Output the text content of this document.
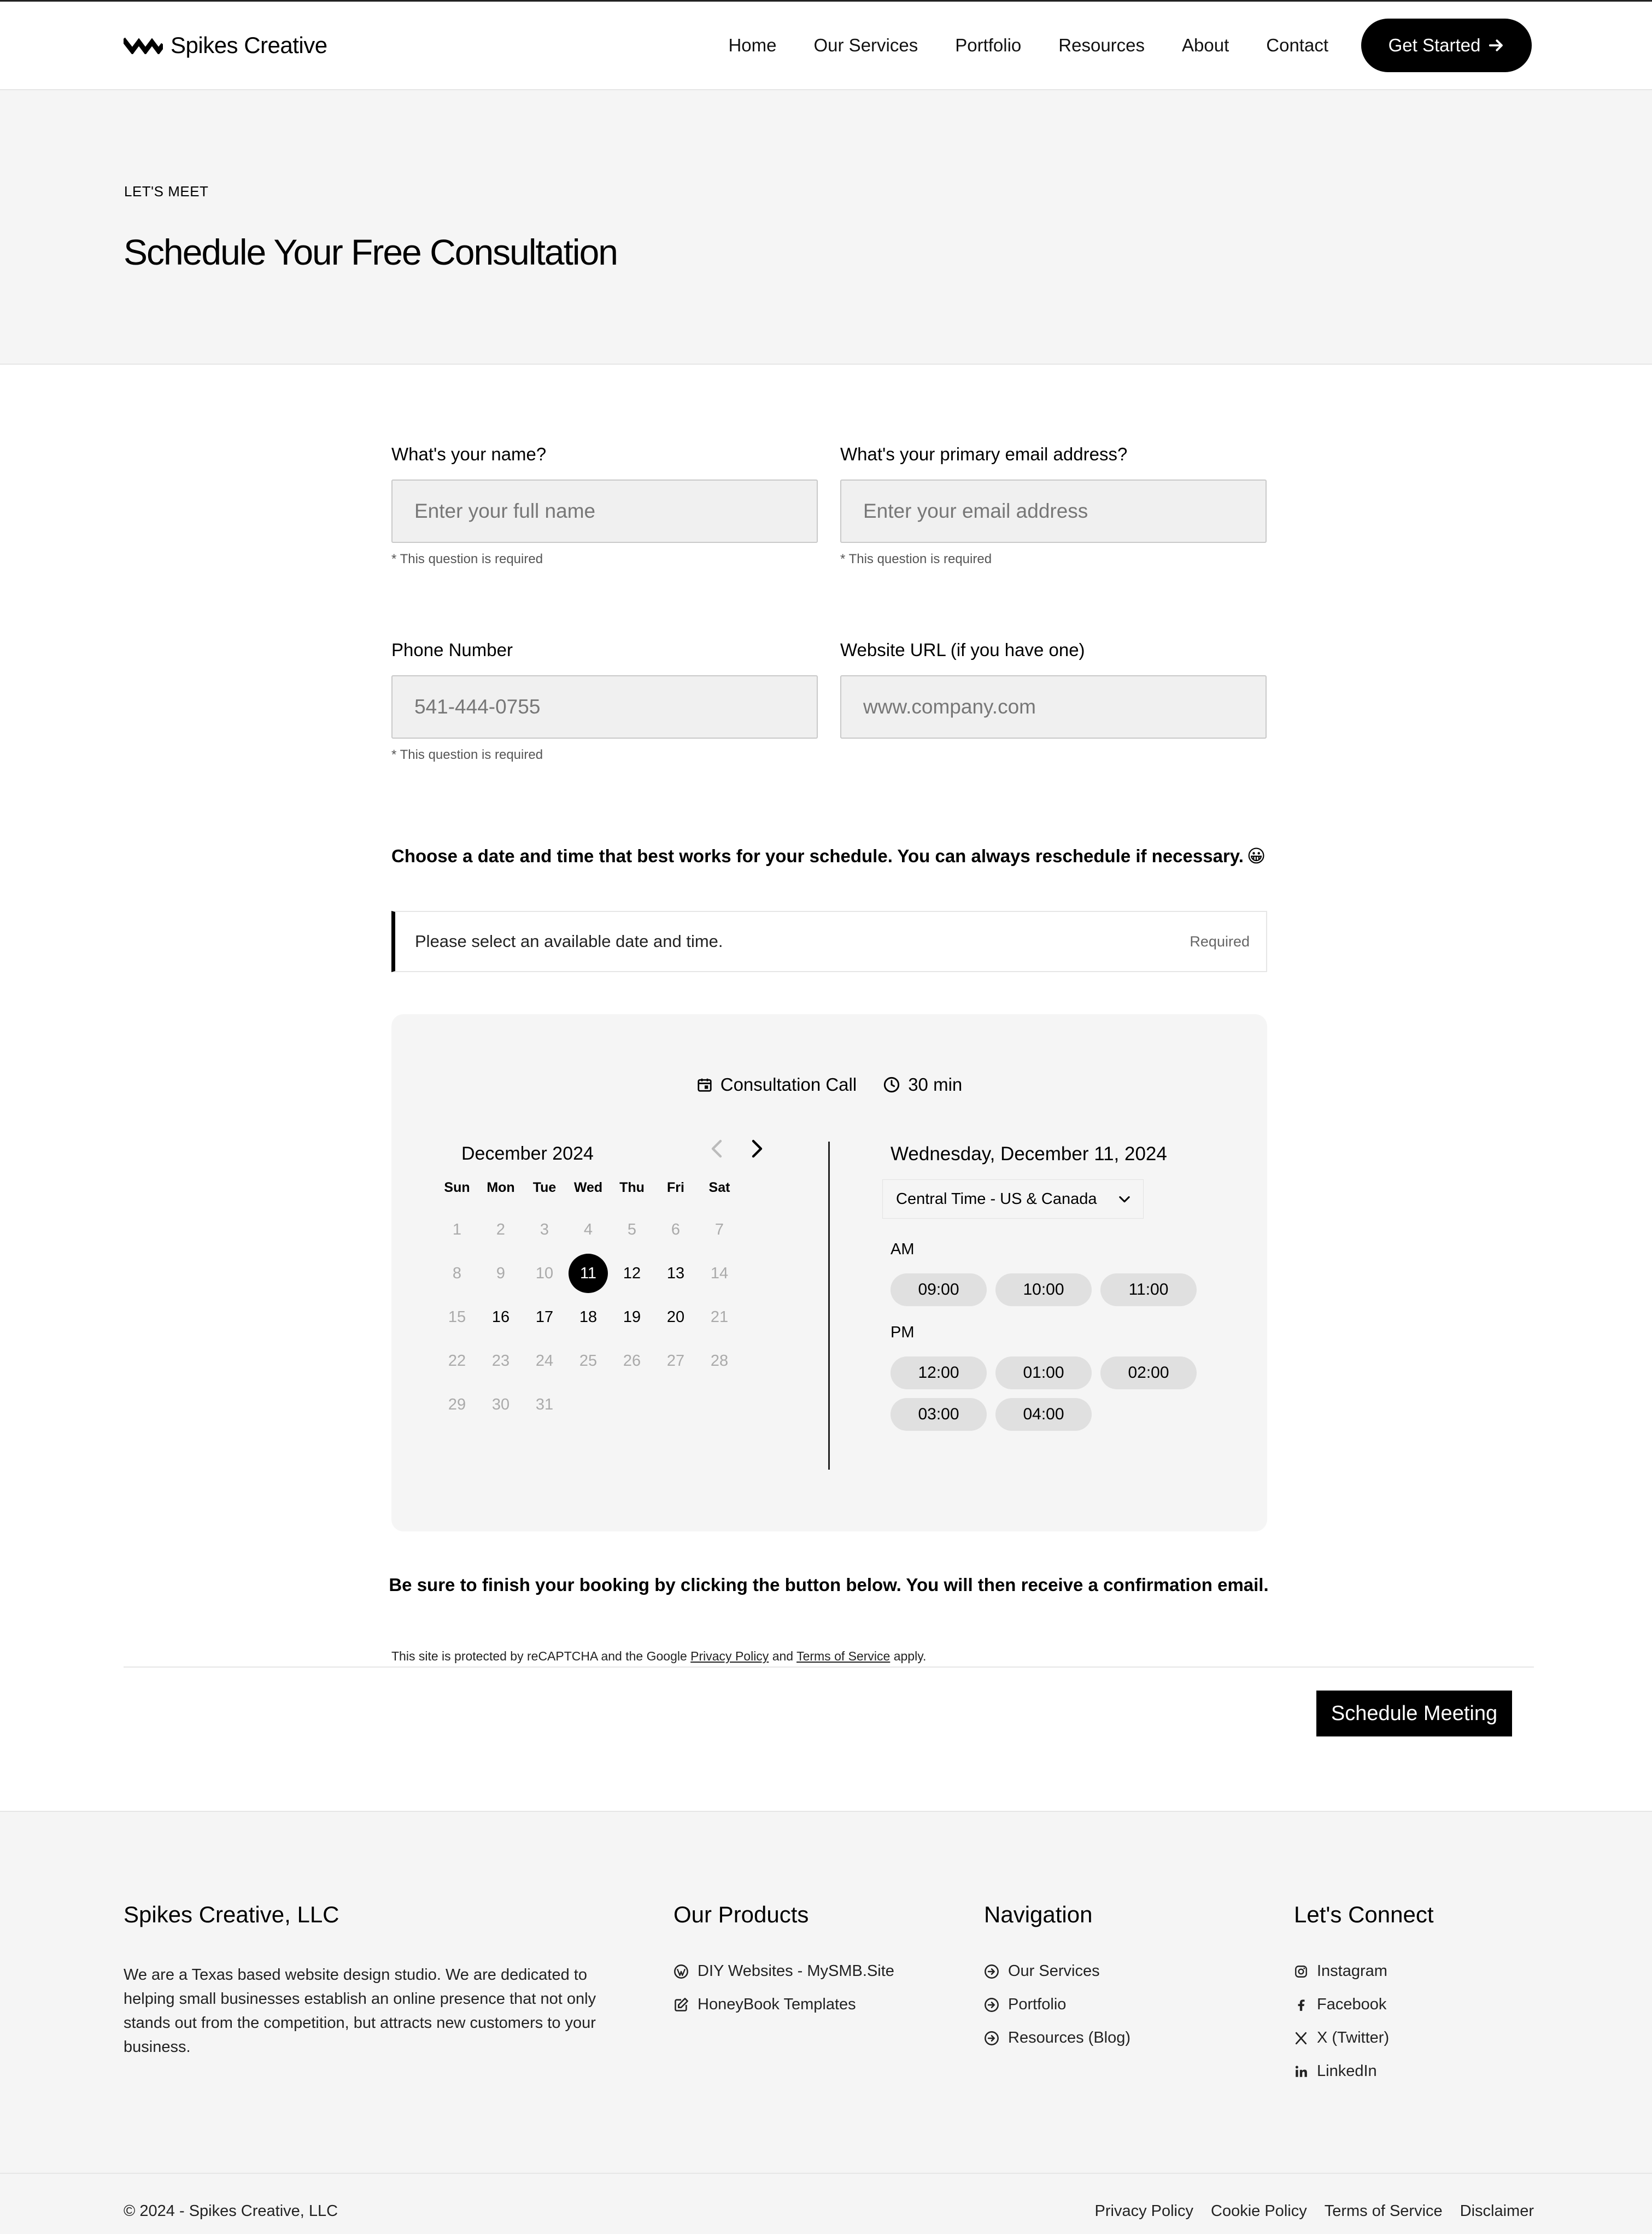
Spikes Creative	Home Our Services Portfolio Resources About Contact	Get Started
LET'S MEET
Schedule Your Free Consultation
What's your name?
Enter your full name
* This question is required
What's your primary email address?
Enter your email address
* This question is required
Phone Number
541-444-0755
* This question is required
Website URL (if you have one)
www.company.com
Choose a date and time that best works for your schedule. You can always reschedule if necessary. 😀
Please select an available date and time.	Required
Consultation Call	30 min
December 2024
Sun	Mon	Tue	Wed	Thu	Fri	Sat
1	2	3	4	5	6	7
8	9	10	11	12	13	14
15	16	17	18	19	20	21
22	23	24	25	26	27	28
29	30	31
Wednesday, December 11, 2024
Central Time - US & Canada
AM
PM
09:00	10:00	11:00
12:00	01:00	02:00
03:00	04:00
Be sure to finish your booking by clicking the button below. You will then receive a confirmation email.
This site is protected by reCAPTCHA and the Google Privacy Policy and Terms of Service apply.
Schedule Meeting
Spikes Creative, LLC
We are a Texas based website design studio. We are dedicated to helping small businesses establish an online presence that not only stands out from the competition, but attracts new customers to your business.
Our Products
DIY Websites - MySMB.Site
HoneyBook Templates
Navigation
Our Services
Portfolio
Resources (Blog)
Let's Connect
Instagram
Facebook
X (Twitter)
LinkedIn
© 2024 - Spikes Creative, LLC	Privacy Policy Cookie Policy Terms of Service Disclaimer
